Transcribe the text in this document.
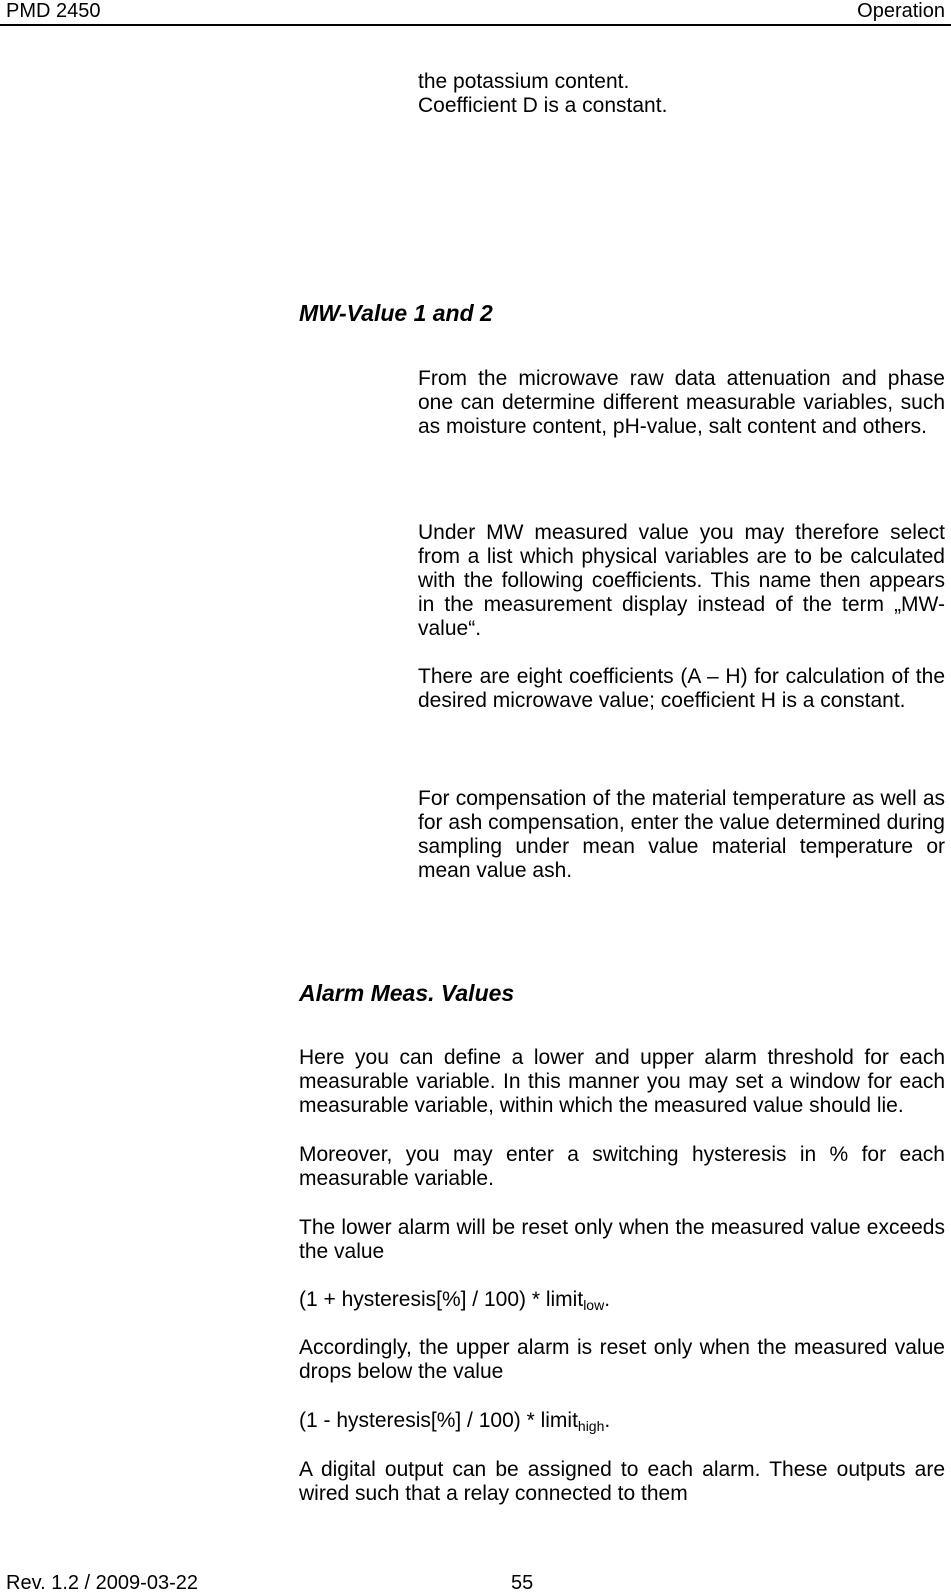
PMD 2450	Operation
the potassium content.
Coefficient D is a constant.
MW-Value 1 and 2

From the microwave raw data attenuation and phase one can determine different measurable variables, such as moisture content, pH-value, salt content and others.

Under MW measured value you may therefore select from a list which physical variables are to be calculated with the following coefficients. This name then appears in the measurement display instead of the term „MW-value“.

There are eight coefficients (A – H) for calculation of the desired microwave value; coefficient H is a constant.

For compensation of the material temperature as well as for ash compensation, enter the value determined during sampling under mean value material temperature or mean value ash.

Alarm Meas. Values

Here you can define a lower and upper alarm threshold for each measurable variable. In this manner you may set a window for each measurable variable, within which the measured value should lie.

Moreover, you may enter a switching hysteresis in % for each measurable variable.

The lower alarm will be reset only when the measured value exceeds the value

(1 + hysteresis[%] / 100) * limit$_{low}$.

Accordingly, the upper alarm is reset only when the measured value drops below the value

(1 - hysteresis[%] / 100) * limit$_{high}$.

A digital output can be assigned to each alarm. These outputs are wired such that a relay connected to them

Rev. 1.2 / 2009-03-22	55
